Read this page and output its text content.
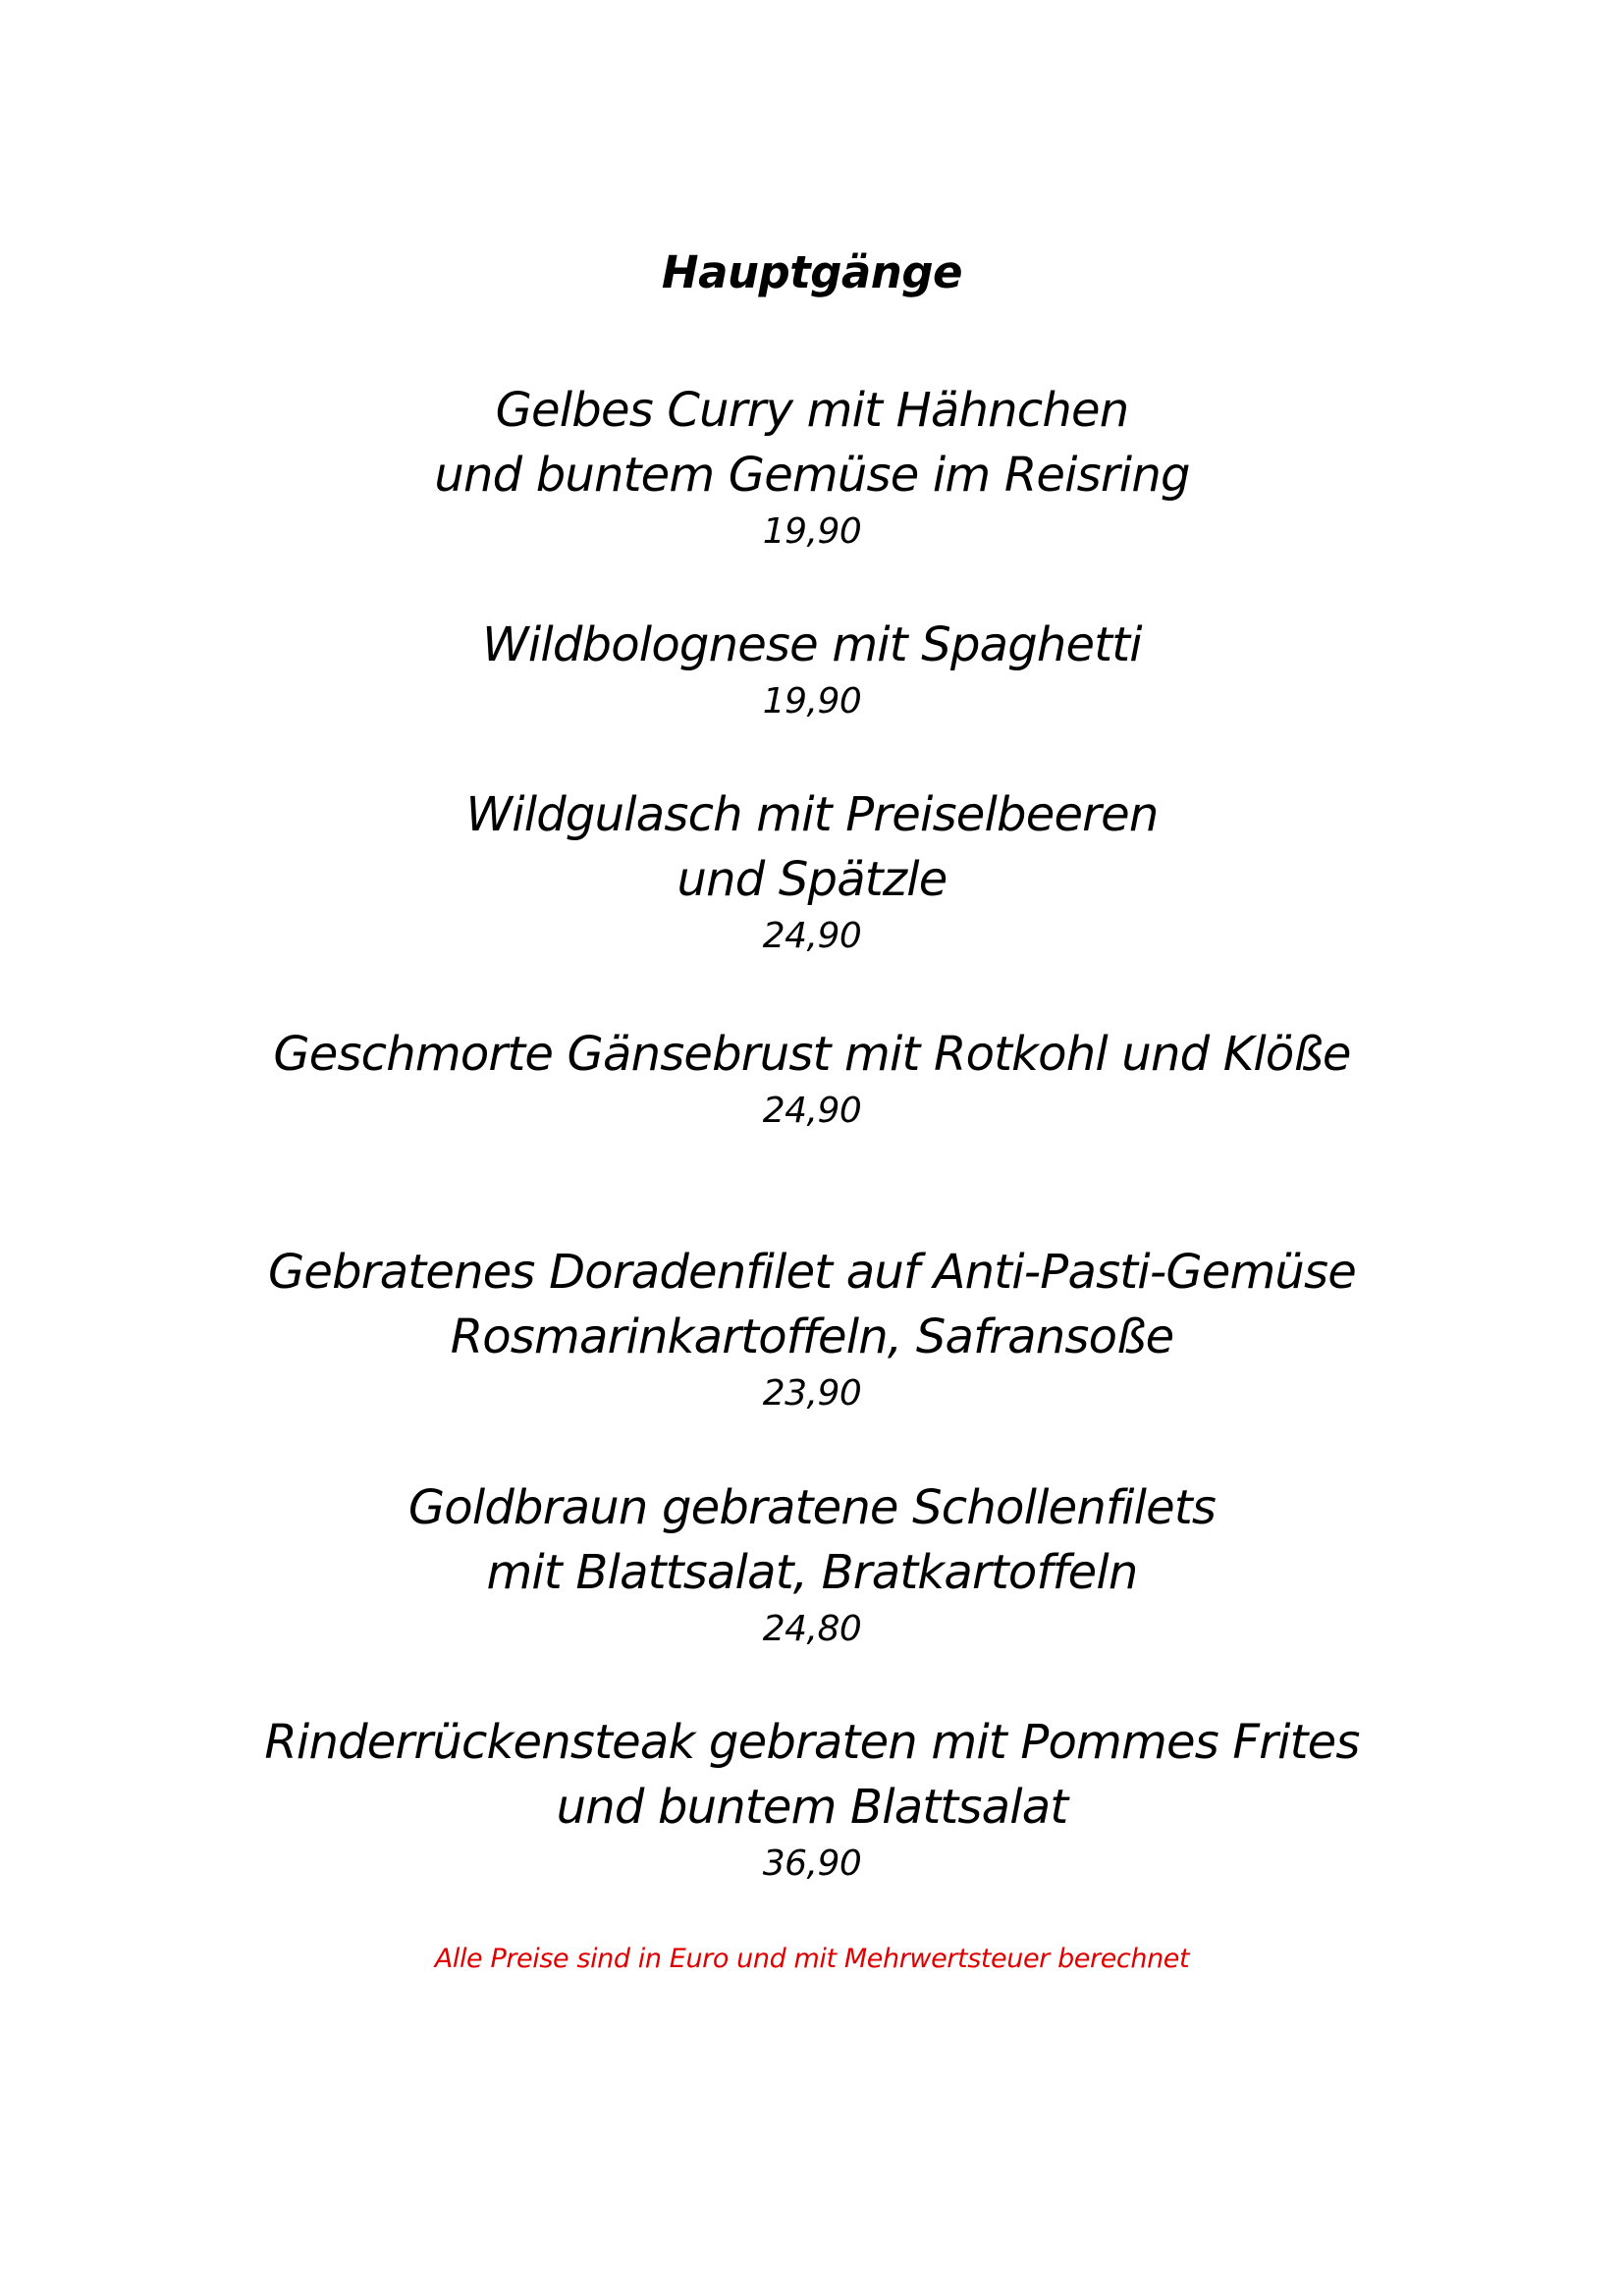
Hauptgänge
Gelbes Curry mit Hähnchen
und buntem Gemüse im Reisring
19,90
Wildbolognese mit Spaghetti
19,90
Wildgulasch mit Preiselbeeren
und Spätzle
24,90
Geschmorte Gänsebrust mit Rotkohl und Klöße
24,90
Gebratenes Doradenfilet auf Anti-Pasti-Gemüse
Rosmarinkartoffeln, Safransoße
23,90
Goldbraun gebratene Schollenfilets
mit Blattsalat, Bratkartoffeln
24,80
Rinderrückensteak gebraten mit Pommes Frites
und buntem Blattsalat
36,90
Alle Preise sind in Euro und mit Mehrwertsteuer berechnet
